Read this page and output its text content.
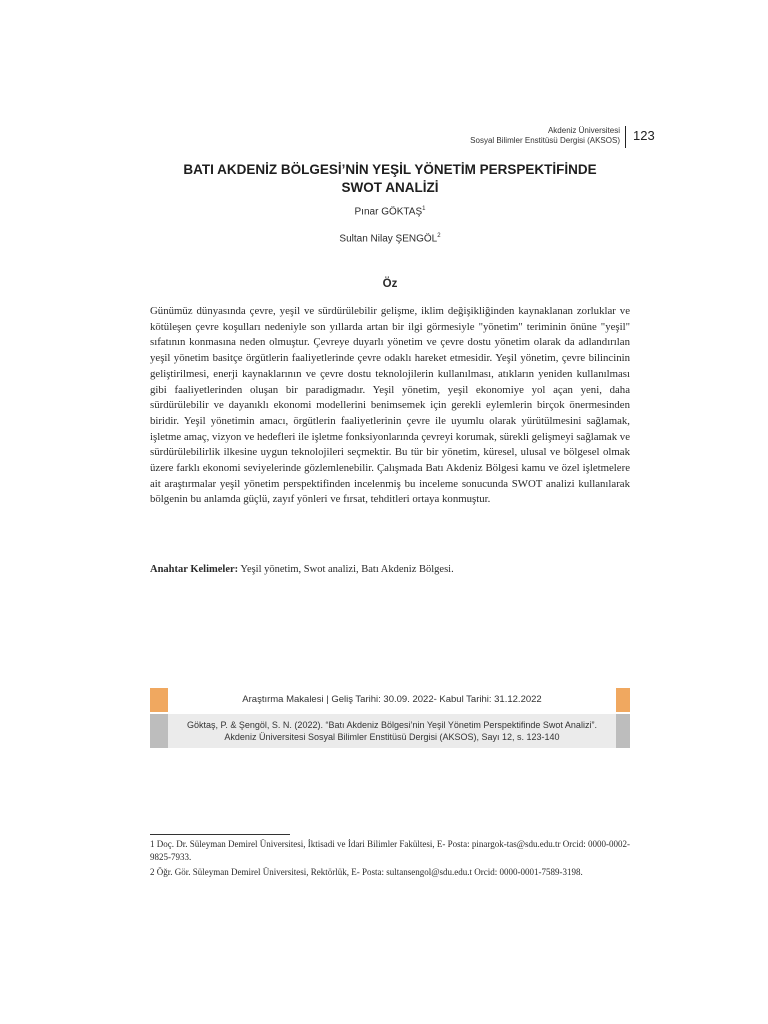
Akdeniz Üniversitesi
Sosyal Bilimler Enstitüsü Dergisi (AKSOS) 123
BATI AKDENİZ BÖLGESİ’NİN YEŞİL YÖNETİM PERSPEKTİFİNDE
SWOT ANALİZİ
Pınar GÖKTAŞ$^1$
Sultan Nilay ŞENGÖL$^2$
Öz
Günümüz dünyasında çevre, yeşil ve sürdürülebilir gelişme, iklim değişikliğinden kaynaklanan zorluklar ve kötüleşen çevre koşulları nedeniyle son yıllarda artan bir ilgi görmesiyle "yönetim" teriminin önüne "yeşil" sıfatının konmasına neden olmuştur. Çevreye duyarlı yönetim ve çevre dostu yönetim olarak da adlandırılan yeşil yönetim basitçe örgütlerin faaliyetlerinde çevre odaklı hareket etmesidir. Yeşil yönetim, çevre bilincinin geliştirilmesi, enerji kaynaklarının ve çevre dostu teknolojilerin kullanılması, atıkların yeniden kullanılması gibi faaliyetlerinden oluşan bir paradigmadır. Yeşil yönetim, yeşil ekonomiye yol açan yeni, daha sürdürülebilir ve dayanıklı ekonomi modellerini benimsemek için gerekli eylemlerin birçok önermesinden biridir. Yeşil yönetimin amacı, örgütlerin faaliyetlerinin çevre ile uyumlu olarak yürütülmesini sağlamak, işletme amaç, vizyon ve hedefleri ile işletme fonksiyonlarında çevreyi korumak, sürekli gelişmeyi sağlamak ve sürdürülebilirlik ilkesine uygun teknolojileri seçmektir. Bu tür bir yönetim, küresel, ulusal ve bölgesel olmak üzere farklı ekonomi seviyelerinde gözlemlenebilir. Çalışmada Batı Akdeniz Bölgesi kamu ve özel işletmelere ait araştırmalar yeşil yönetim perspektifinden incelenmiş bu inceleme sonucunda SWOT analizi kullanılarak bölgenin bu anlamda güçlü, zayıf yönleri ve fırsat, tehditleri ortaya konmuştur.
Anahtar Kelimeler: Yeşil yönetim, Swot analizi, Batı Akdeniz Bölgesi.
Araştırma Makalesi | Geliş Tarihi: 30.09. 2022- Kabul Tarihi: 31.12.2022
Göktaş, P. & Şengöl, S. N. (2022). “Batı Akdeniz Bölgesi’nin Yeşil Yönetim Perspektifinde Swot Analizi”.
Akdeniz Üniversitesi Sosyal Bilimler Enstitüsü Dergisi (AKSOS), Sayı 12, s. 123-140
1 Doç. Dr. Süleyman Demirel Üniversitesi, İktisadi ve İdari Bilimler Fakültesi, E- Posta: pinargok-tas@sdu.edu.tr Orcid: 0000-0002-9825-7933.
2 Öğr. Gör. Süleyman Demirel Üniversitesi, Rektörlük, E- Posta: sultansengol@sdu.edu.t Orcid: 0000-0001-7589-3198.
